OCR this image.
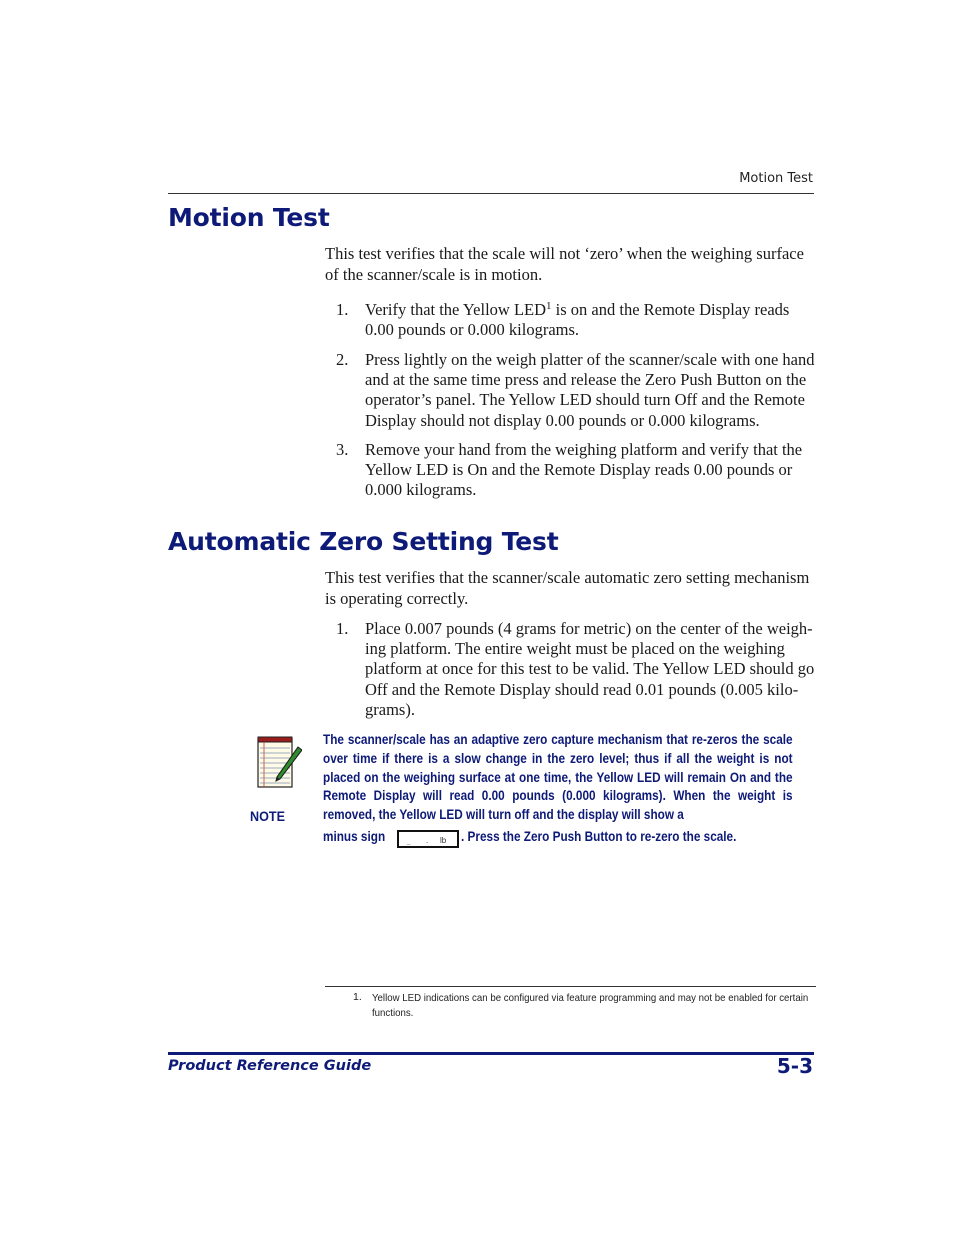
Motion Test
Motion Test
This test verifies that the scale will not ‘zero’ when the weighing surface of the scanner/scale is in motion.
1.	Verify that the Yellow LED$^1$ is on and the Remote Display reads 0.00 pounds or 0.000 kilograms.
2.	Press lightly on the weigh platter of the scanner/scale with one hand and at the same time press and release the Zero Push Button on the operator’s panel. The Yellow LED should turn Off and the Remote Display should not display 0.00 pounds or 0.000 kilograms.
3.	Remove your hand from the weighing platform and verify that the Yellow LED is On and the Remote Display reads 0.00 pounds or 0.000 kilograms.
Automatic Zero Setting Test
This test verifies that the scanner/scale automatic zero setting mechanism is operating correctly.
1.	Place 0.007 pounds (4 grams for metric) on the center of the weigh-ing platform. The entire weight must be placed on the weighing platform at once for this test to be valid. The Yellow LED should go Off and the Remote Display should read 0.01 pounds (0.005 kilo-grams).
NOTE
The scanner/scale has an adaptive zero capture mechanism that re-zeros the scale over time if there is a slow change in the zero level; thus if all the weight is not placed on the weighing surface at one time, the Yellow LED will remain On and the Remote Display will read 0.00 pounds (0.000 kilograms). When the weight is removed, the Yellow LED will turn off and the display will show a
minus sign	‒ . lb . Press the Zero Push Button to re-zero the scale.
1. Yellow LED indications can be configured via feature programming and may not be enabled for certain functions.
Product Reference Guide	5-3
